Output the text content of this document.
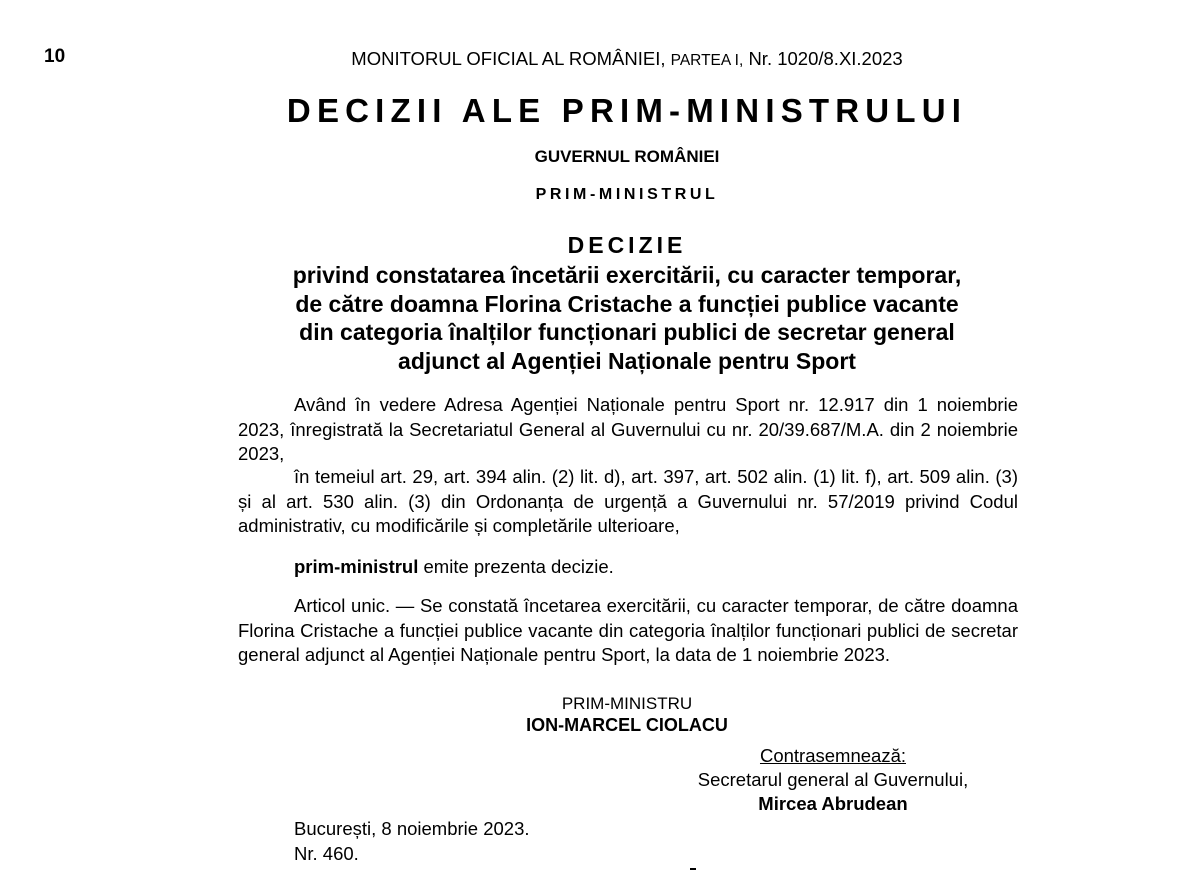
10	MONITORUL OFICIAL AL ROMÂNIEI, PARTEA I, Nr. 1020/8.XI.2023
DECIZII ALE PRIM-MINISTRULUI
GUVERNUL ROMÂNIEI
PRIM-MINISTRUL
DECIZIE
privind constatarea încetării exercitării, cu caracter temporar,
de către doamna Florina Cristache a funcției publice vacante
din categoria înalților funcționari publici de secretar general
adjunct al Agenției Naționale pentru Sport
Având în vedere Adresa Agenției Naționale pentru Sport nr. 12.917 din 1 noiembrie 2023, înregistrată la Secretariatul General al Guvernului cu nr. 20/39.687/M.A. din 2 noiembrie 2023,
în temeiul art. 29, art. 394 alin. (2) lit. d), art. 397, art. 502 alin. (1) lit. f), art. 509 alin. (3) și al art. 530 alin. (3) din Ordonanța de urgență a Guvernului nr. 57/2019 privind Codul administrativ, cu modificările și completările ulterioare,
prim-ministrul emite prezenta decizie.
Articol unic. — Se constată încetarea exercitării, cu caracter temporar, de către doamna Florina Cristache a funcției publice vacante din categoria înalților funcționari publici de secretar general adjunct al Agenției Naționale pentru Sport, la data de 1 noiembrie 2023.
PRIM-MINISTRU
ION-MARCEL CIOLACU
Contrasemnează:
Secretarul general al Guvernului,
Mircea Abrudean
București, 8 noiembrie 2023.
Nr. 460.
